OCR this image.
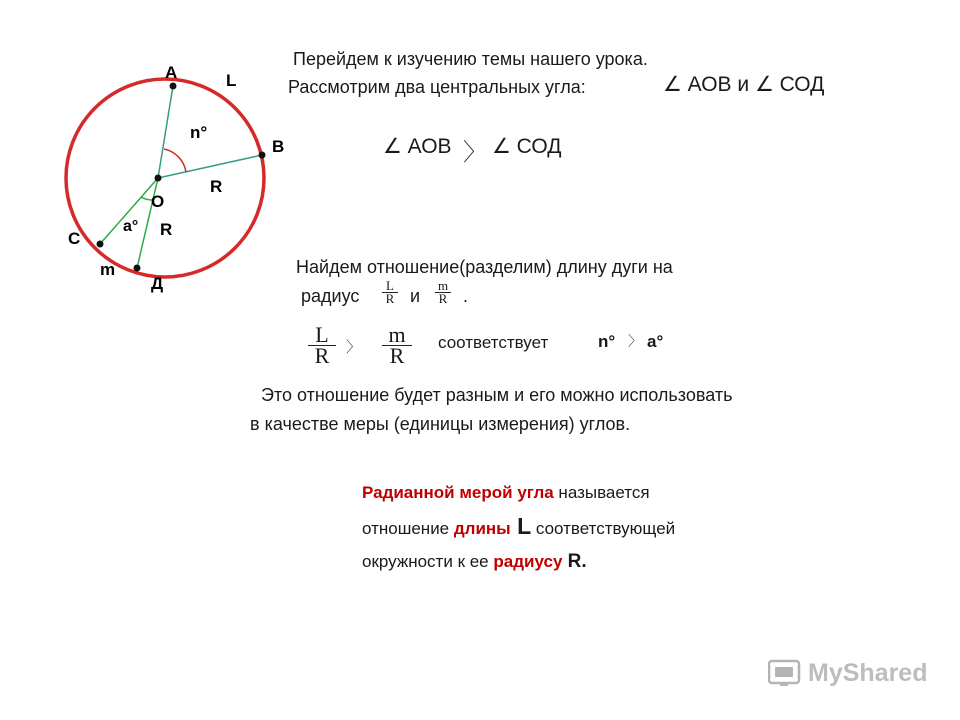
А	L
n°
В
R
О
а° R
С
m
Д
Перейдем к изучению темы нашего урока.
Рассмотрим два центральных угла:	∠ АОВ и ∠ СОД
∠ АОВ 〉 ∠ СОД
Найдем отношение(разделим) длину дуги на
радиус
L
R и
m
R .
L
R 〉
m
R
соответствует	n° 〉 a°
Это отношение будет разным и его можно использовать
в качестве меры (единицы измерения) углов.
Радианной мерой угла называется
отношение длины L соответствующей
окружности к ее радиусу R.
MyShared
